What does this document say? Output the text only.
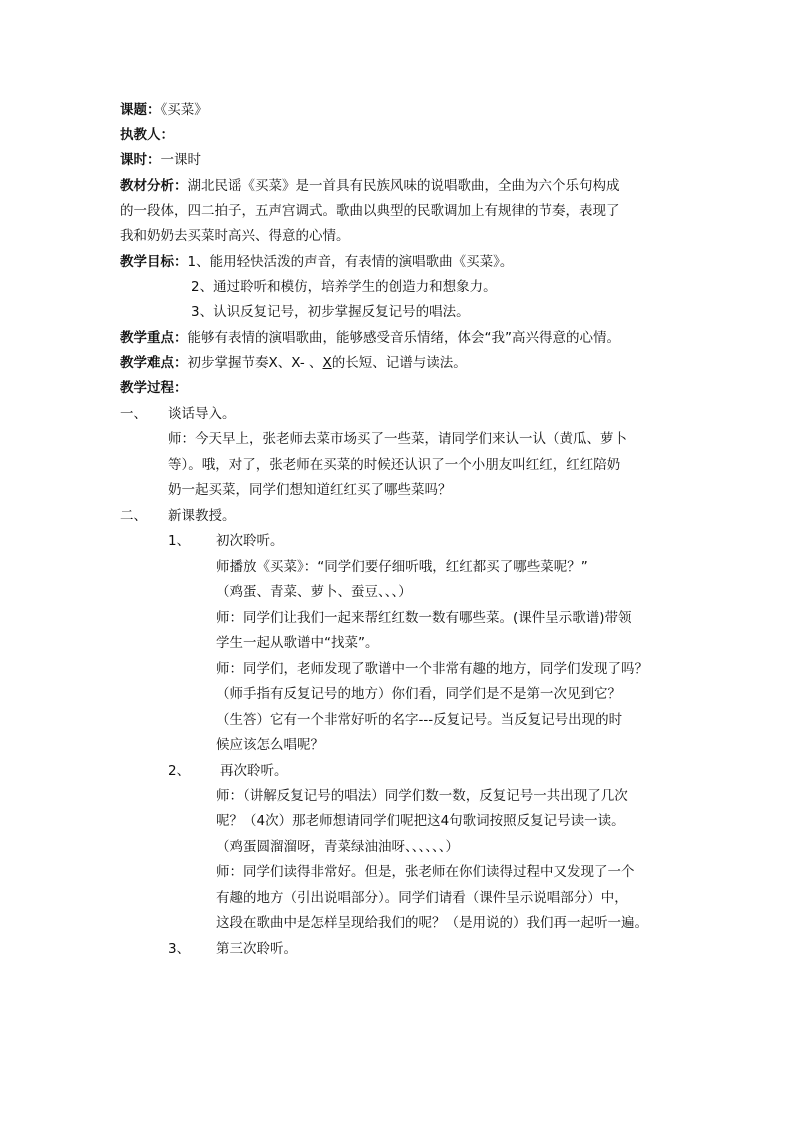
课题：《买菜》
执教人：
课时：一课时
教材分析：湖北民谣《买菜》是一首具有民族风味的说唱歌曲，全曲为六个乐句构成
的一段体，四二拍子，五声宫调式。歌曲以典型的民歌调加上有规律的节奏，表现了
我和奶奶去买菜时高兴、得意的心情。
教学目标：1、能用轻快活泼的声音，有表情的演唱歌曲《买菜》。
2、通过聆听和模仿，培养学生的创造力和想象力。
3、认识反复记号，初步掌握反复记号的唱法。
教学重点：能够有表情的演唱歌曲，能够感受音乐情绪，体会“我”高兴得意的心情。
教学难点：初步掌握节奏X、X- 、X的长短、记谱与读法。
教学过程：
一、 谈话导入。
师：今天早上，张老师去菜市场买了一些菜，请同学们来认一认（黄瓜、萝卜
等）。哦，对了，张老师在买菜的时候还认识了一个小朋友叫红红，红红陪奶
奶一起买菜，同学们想知道红红买了哪些菜吗？
二、 新课教授。
1、 初次聆听。
师播放《买菜》：“同学们要仔细听哦，红红都买了哪些菜呢？”
（鸡蛋、青菜、萝卜、蚕豆、、、）
师：同学们让我们一起来帮红红数一数有哪些菜。(课件呈示歌谱)带领
学生一起从歌谱中“找菜”。
师：同学们，老师发现了歌谱中一个非常有趣的地方，同学们发现了吗？
（师手指有反复记号的地方）你们看，同学们是不是第一次见到它？
（生答）它有一个非常好听的名字---反复记号。当反复记号出现的时
候应该怎么唱呢？
2、 再次聆听。
师：（讲解反复记号的唱法）同学们数一数，反复记号一共出现了几次
呢？（4次）那老师想请同学们呢把这4句歌词按照反复记号读一读。
（鸡蛋圆溜溜呀，青菜绿油油呀、、、、、、）
师：同学们读得非常好。但是，张老师在你们读得过程中又发现了一个
有趣的地方（引出说唱部分）。同学们请看（课件呈示说唱部分）中，
这段在歌曲中是怎样呈现给我们的呢？（是用说的）我们再一起听一遍。
3、 第三次聆听。
